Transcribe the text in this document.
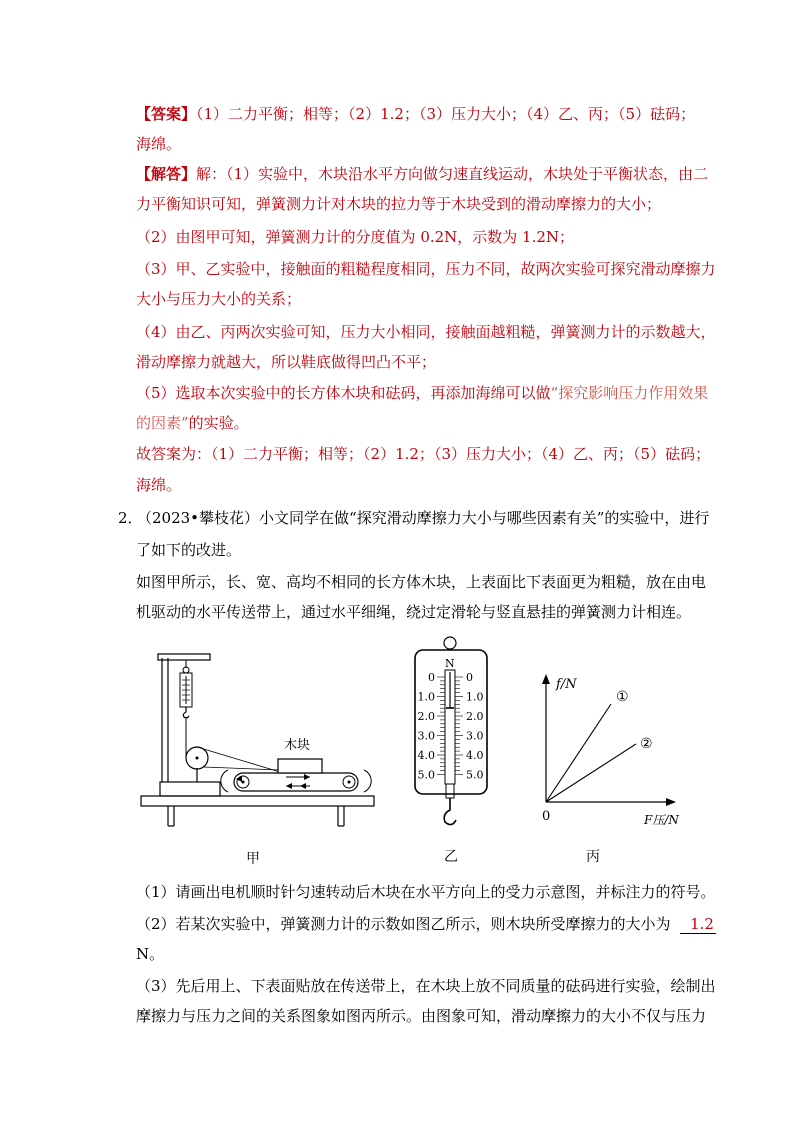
【答案】（1）二力平衡；相等；（2）1.2；（3）压力大小；（4）乙、丙；（5）砝码；
海绵。
【解答】解：（1）实验中，木块沿水平方向做匀速直线运动，木块处于平衡状态，由二
力平衡知识可知，弹簧测力计对木块的拉力等于木块受到的滑动摩擦力的大小；
（2）由图甲可知，弹簧测力计的分度值为 0.2N，示数为 1.2N；
（3）甲、乙实验中，接触面的粗糙程度相同，压力不同，故两次实验可探究滑动摩擦力
大小与压力大小的关系；
（4）由乙、丙两次实验可知，压力大小相同，接触面越粗糙，弹簧测力计的示数越大，
滑动摩擦力就越大，所以鞋底做得凹凸不平；
（5）选取本次实验中的长方体木块和砝码，再添加海绵可以做“探究影响压力作用效果
的因素”的实验。
故答案为：（1）二力平衡；相等；（2）1.2；（3）压力大小；（4）乙、丙；（5）砝码；
海绵。
2．
（2023•攀枝花）小文同学在做“探究滑动摩擦力大小与哪些因素有关”的实验中，进行
了如下的改进。
如图甲所示，长、宽、高均不相同的长方体木块，上表面比下表面更为粗糙，放在由电
机驱动的水平传送带上，通过水平细绳，绕过定滑轮与竖直悬挂的弹簧测力计相连。
木块
甲
N
0
1.0
2.0
3.0
4.0
5.0
0
1.0
2.0
3.0
4.0
5.0
乙
f/N
0	F压/N
①
②
丙
（1）请画出电机顺时针匀速转动后木块在水平方向上的受力示意图，并标注力的符号。
（2）若某次实验中，弹簧测力计的示数如图乙所示，则木块所受摩擦力的大小为 1.2
N。
（3）先后用上、下表面贴放在传送带上，在木块上放不同质量的砝码进行实验，绘制出
摩擦力与压力之间的关系图象如图丙所示。由图象可知，滑动摩擦力的大小不仅与压力
